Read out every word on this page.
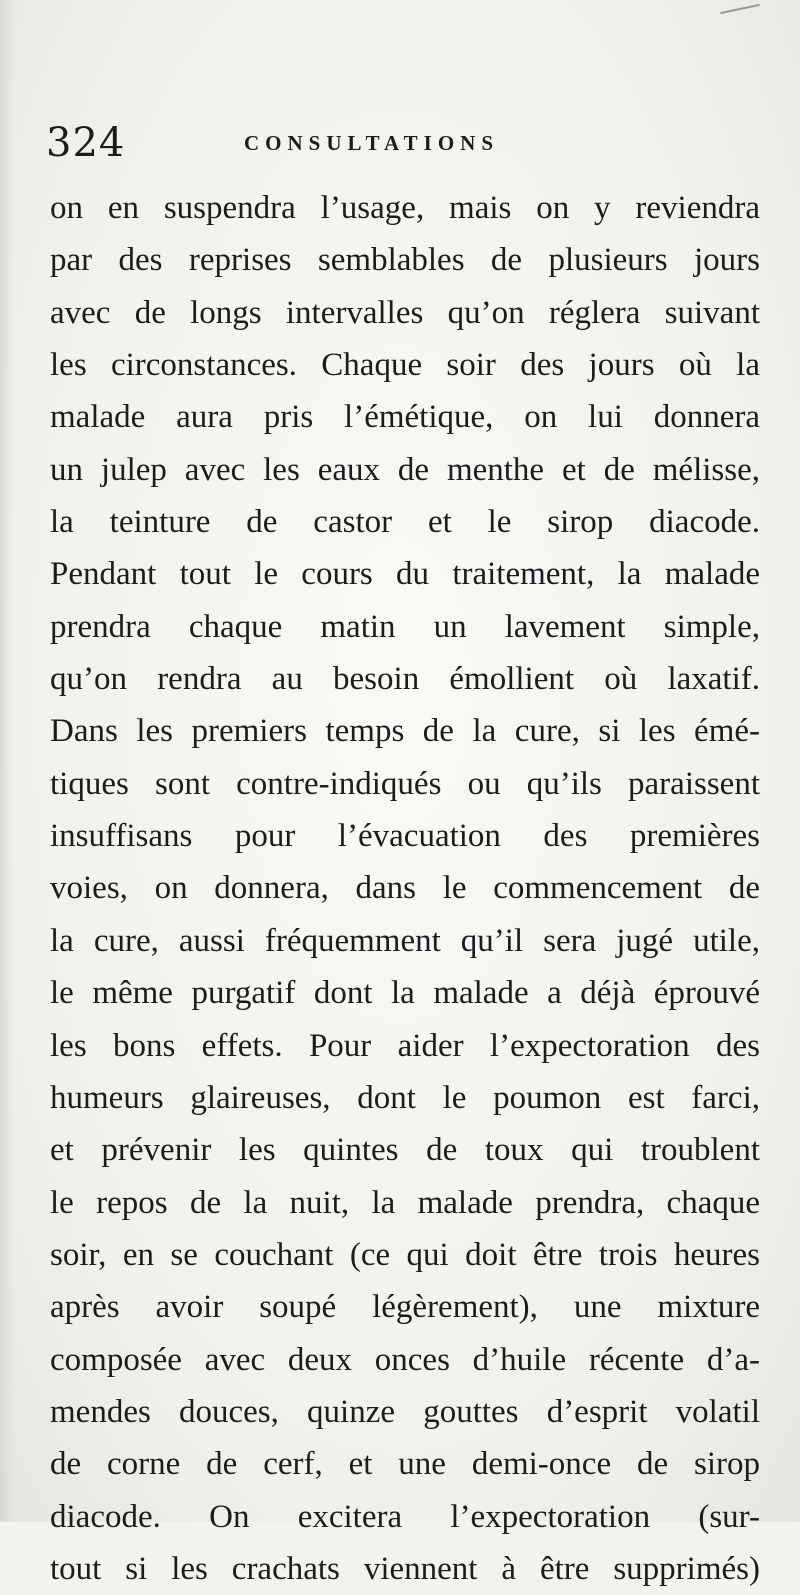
324	CONSULTATIONS
on en suspendra l’usage, mais on y reviendra
par des reprises semblables de plusieurs jours
avec de longs intervalles qu’on réglera suivant
les circonstances. Chaque soir des jours où la
malade aura pris l’émétique, on lui donnera
un julep avec les eaux de menthe et de mélisse,
la teinture de castor et le sirop diacode.
Pendant tout le cours du traitement, la malade
prendra chaque matin un lavement simple,
qu’on rendra au besoin émollient où laxatif.
Dans les premiers temps de la cure, si les émé-
tiques sont contre-indiqués ou qu’ils paraissent
insuffisans pour l’évacuation des premières
voies, on donnera, dans le commencement de
la cure, aussi fréquemment qu’il sera jugé utile,
le même purgatif dont la malade a déjà éprouvé
les bons effets. Pour aider l’expectoration des
humeurs glaireuses, dont le poumon est farci,
et prévenir les quintes de toux qui troublent
le repos de la nuit, la malade prendra, chaque
soir, en se couchant (ce qui doit être trois heures
après avoir soupé légèrement), une mixture
composée avec deux onces d’huile récente d’a-
mendes douces, quinze gouttes d’esprit volatil
de corne de cerf, et une demi-once de sirop
diacode. On excitera l’expectoration (sur-
tout si les crachats viennent à être supprimés)
